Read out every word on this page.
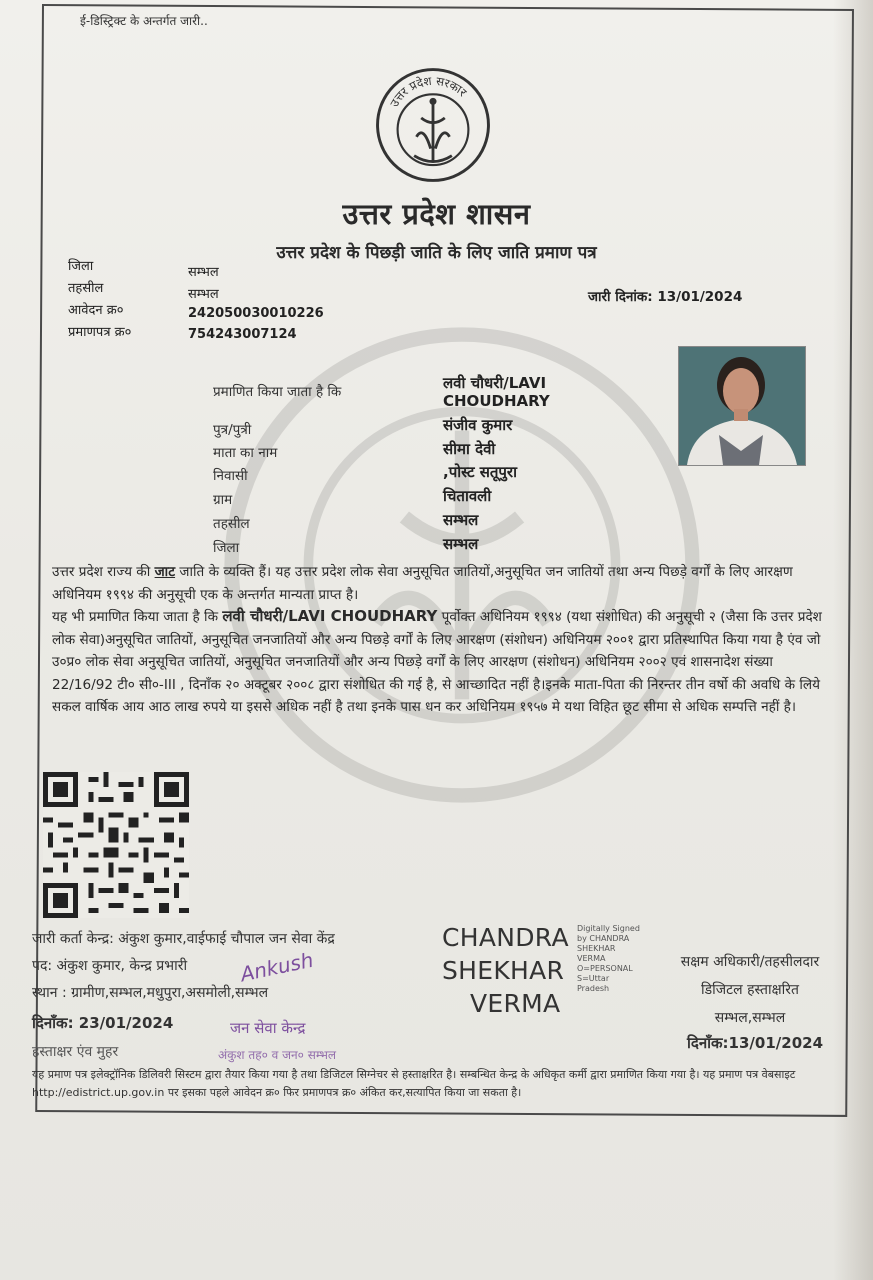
ई-डिस्ट्रिक्ट के अन्तर्गत जारी..
उत्तर प्रदेश सरकार
उत्तर प्रदेश शासन
उत्तर प्रदेश के पिछड़ी जाति के लिए जाति प्रमाण पत्र
जिला	सम्भल
तहसील	सम्भल
आवेदन क्र०	242050030010226
प्रमाणपत्र क्र०	754243007124
जारी दिनांक: 13/01/2024
प्रमाणित किया जाता है कि	लवी चौधरी/LAVI
CHOUDHARY
पुत्र/पुत्री	संजीव कुमार
माता का नाम	सीमा देवी
निवासी	,पोस्ट सतूपुरा
ग्राम	चितावली
तहसील	सम्भल
जिला	सम्भल
उत्तर प्रदेश राज्य की जाट जाति के व्यक्ति हैं। यह उत्तर प्रदेश लोक सेवा अनुसूचित जातियों,अनुसूचित जन जातियों तथा अन्य पिछड़े वर्गों के लिए आरक्षण अधिनियम १९९४ की अनुसूची एक के अन्तर्गत मान्यता प्राप्त है।
यह भी प्रमाणित किया जाता है कि लवी चौधरी/LAVI CHOUDHARY पूर्वोक्त अधिनियम १९९४ (यथा संशोधित) की अनुसूची २ (जैसा कि उत्तर प्रदेश लोक सेवा)अनुसूचित जातियों, अनुसूचित जनजातियों और अन्य पिछड़े वर्गों के लिए आरक्षण (संशोधन) अधिनियम २००१ द्वारा प्रतिस्थापित किया गया है एंव जो उ०प्र० लोक सेवा अनुसूचित जातियों, अनुसूचित जनजातियों और अन्य पिछड़े वर्गों के लिए आरक्षण (संशोधन) अधिनियम २००२ एवं शासनादेश संख्या 22/16/92 टी० सी०-III , दिनाँक २० अक्टूबर २००८ द्वारा संशोधित की गई है, से आच्छादित नहीं है।इनके माता-पिता की निरन्तर तीन वर्षो की अवधि के लिये सकल वार्षिक आय आठ लाख रुपये या इससे अधिक नहीं है तथा इनके पास धन कर अधिनियम १९५७ मे यथा विहित छूट सीमा से अधिक सम्पत्ति नहीं है।
जारी कर्ता केन्द्र: अंकुश कुमार,वाईफाई चौपाल जन सेवा केंद्र
पद: अंकुश कुमार, केन्द्र प्रभारी
स्थान : ग्रामीण,सम्भल,मधुपुरा,असमोली,सम्भल
दिनाँक: 23/01/2024
हस्ताक्षर एंव मुहर
जन सेवा केन्द्र
अंकुश तह० व जन० सम्भल
Ankush
CHANDRA
SHEKHAR
VERMA
Digitally Signed
by CHANDRA
SHEKHAR
VERMA
O=PERSONAL
S=Uttar
Pradesh
सक्षम अधिकारी/तहसीलदार
डिजिटल हस्ताक्षरित
सम्भल,सम्भल
दिनाँक:13/01/2024
यह प्रमाण पत्र इलेक्ट्रॉनिक डिलिवरी सिस्टम द्वारा तैयार किया गया है तथा डिजिटल सिग्नेचर से हस्ताक्षरित है। सम्बन्धित केन्द्र के अधिकृत कर्मी द्वारा प्रमाणित किया गया है। यह प्रमाण पत्र वेबसाइट http://edistrict.up.gov.in पर इसका पहले आवेदन क्र० फिर प्रमाणपत्र क्र० अंकित कर,सत्यापित किया जा सकता है।
